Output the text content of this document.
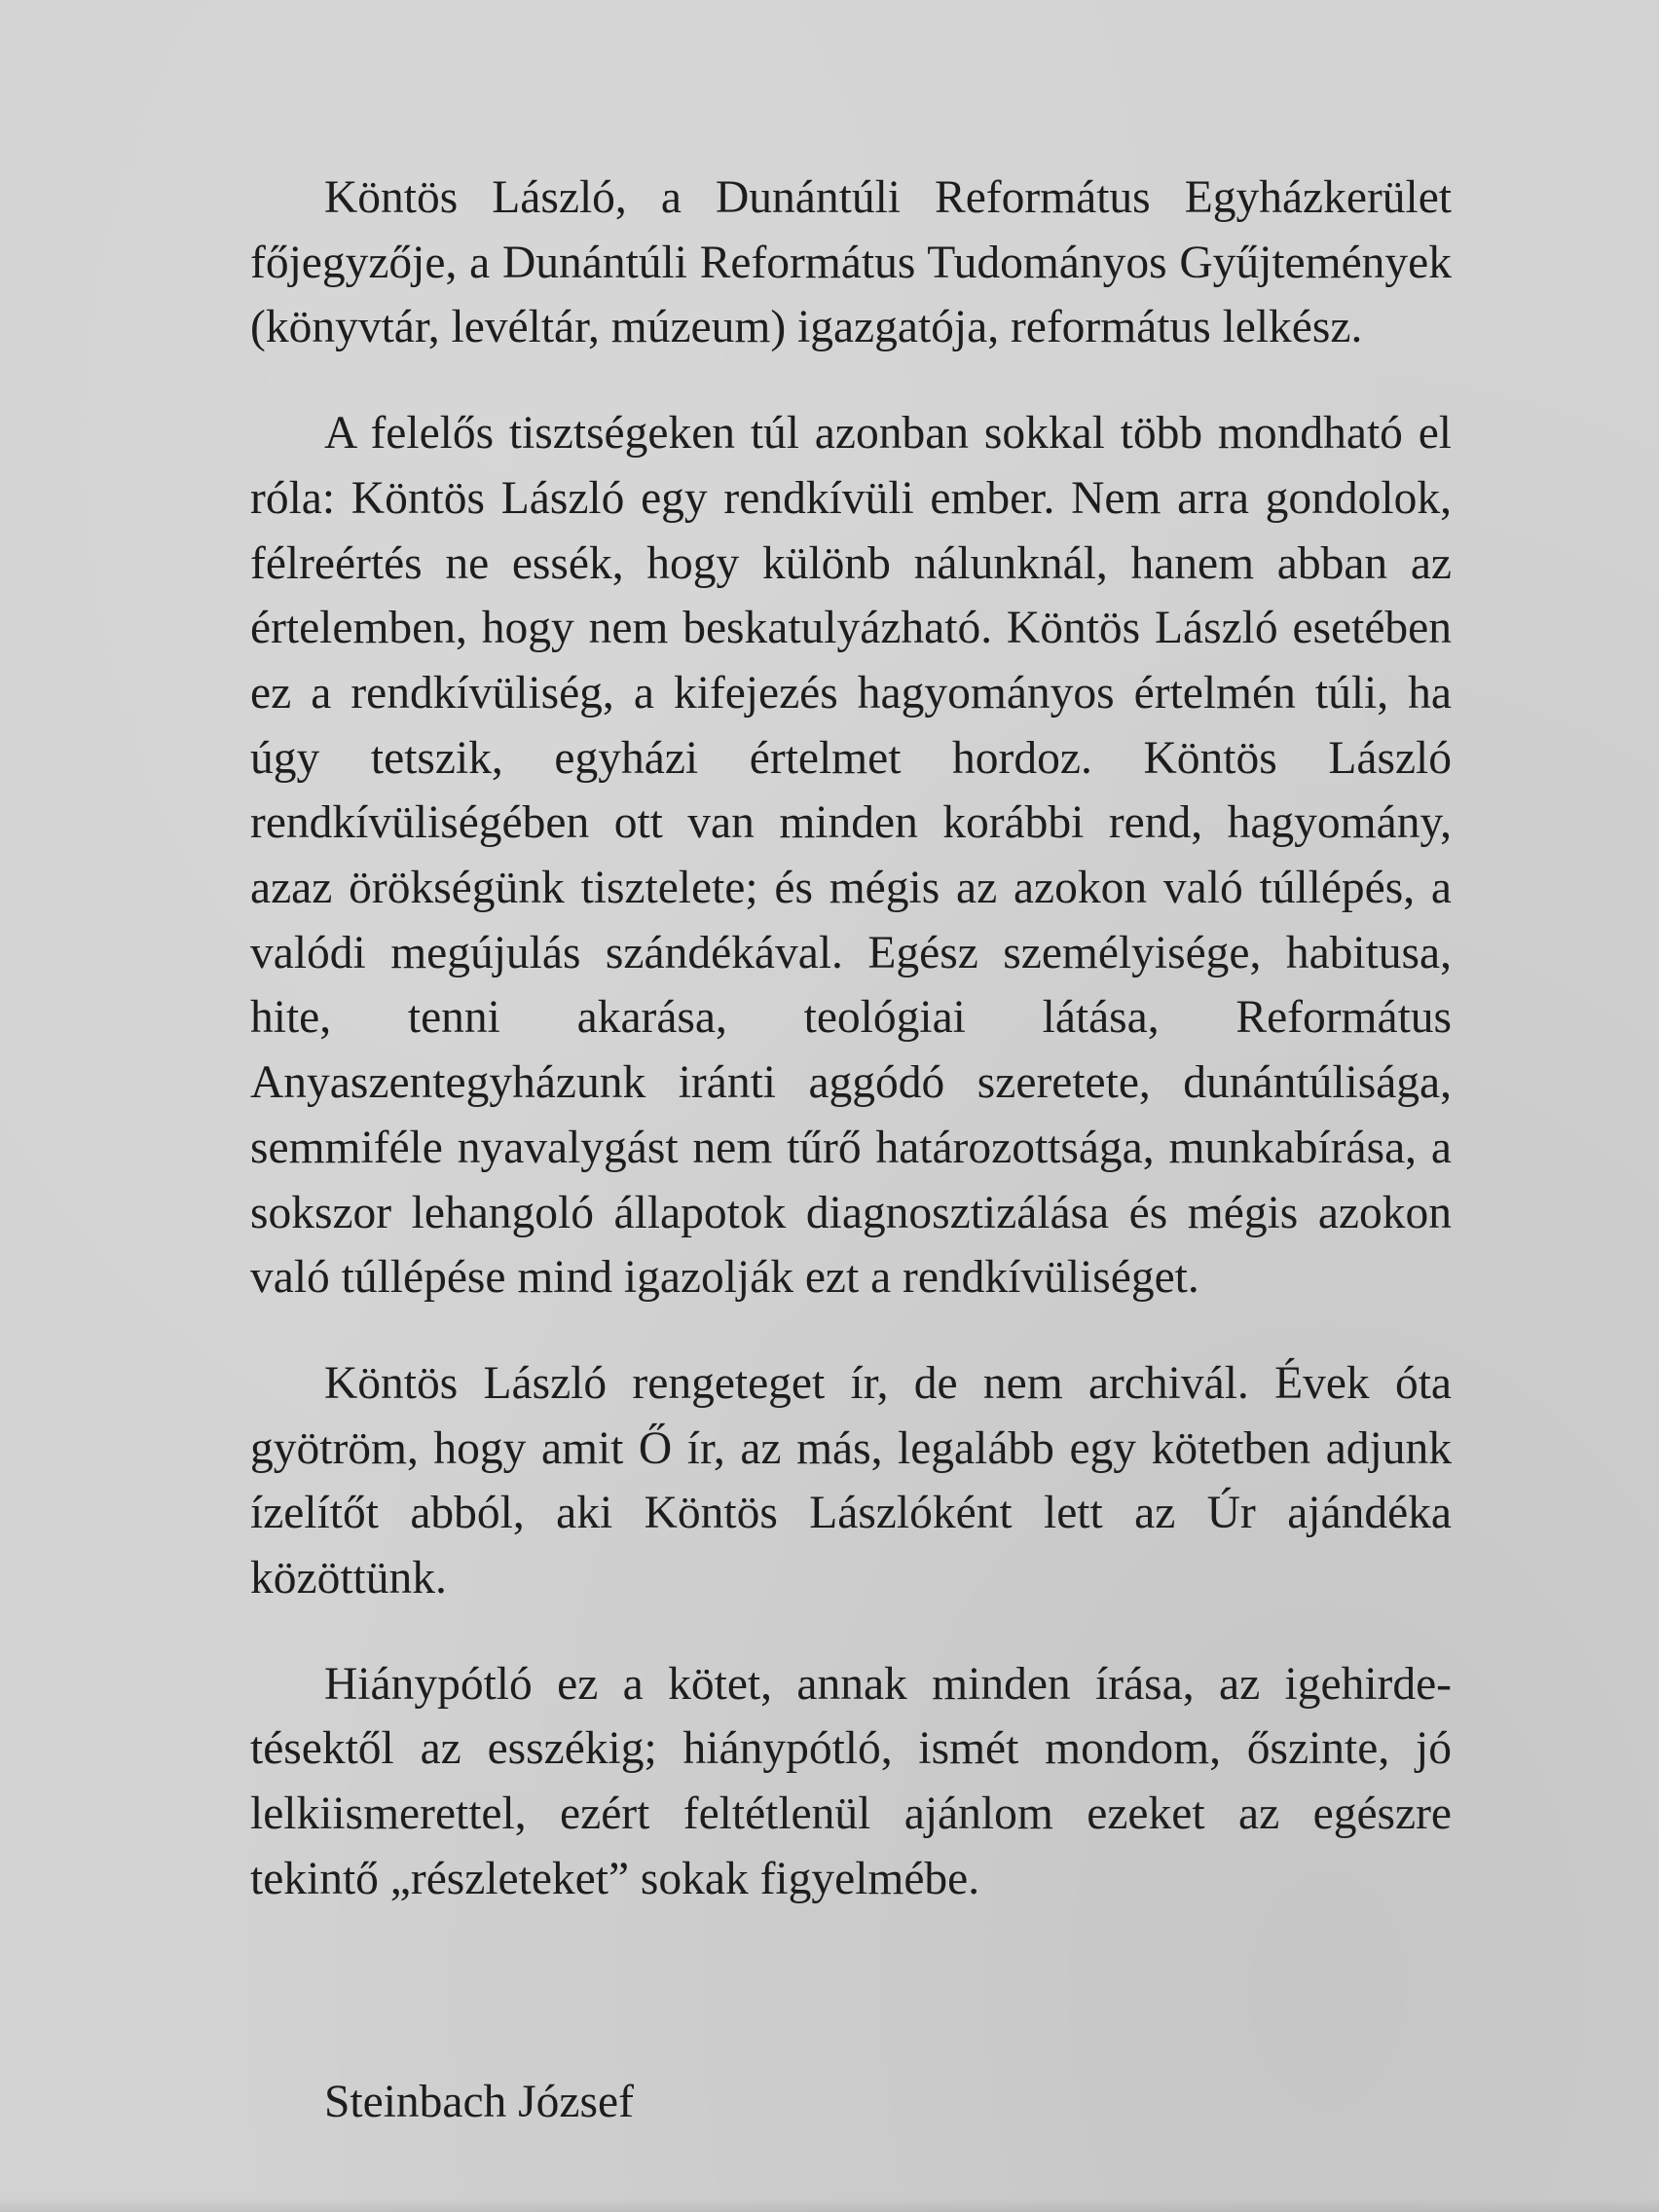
Köntös László, a Dunántúli Református Egyházkerület főjegyzője, a Dunántúli Református Tudományos Gyűjtemények (könyvtár, levéltár, múzeum) igazgatója, református lelkész.

A felelős tisztségeken túl azonban sokkal több mondható el róla: Köntös László egy rendkívüli ember. Nem arra gondolok, félreértés ne essék, hogy különb nálunknál, hanem abban az értelemben, hogy nem beskatulyázható. Köntös László esetében ez a rendkívüliség, a kifejezés hagyományos értelmén túli, ha úgy tetszik, egyházi értelmet hordoz. Köntös László rendkívüliségében ott van minden korábbi rend, hagyomány, azaz örökségünk tisztelete; és mégis az azokon való túllépés, a valódi megújulás szándékával. Egész személyisége, habitusa, hite, tenni akarása, teológiai látása, Református Anyaszentegyházunk iránti aggódó szeretete, dunántúlisága, semmiféle nyavalygást nem tűrő határozottsága, munkabírása, a sokszor lehangoló állapotok diagnosztizálása és mégis azokon való túllépése mind igazolják ezt a rendkívüliséget.

Köntös László rengeteget ír, de nem archivál. Évek óta gyötröm, hogy amit Ő ír, az más, legalább egy kötetben adjunk ízelítőt abból, aki Köntös Lászlóként lett az Úr ajándéka közöttünk.

Hiánypótló ez a kötet, annak minden írása, az igehirdetésektől az esszékig; hiánypótló, ismét mondom, őszinte, jó lelkiismerettel, ezért feltétlenül ajánlom ezeket az egészre tekintő „részleteket” sokak figyelmébe.

Steinbach József
